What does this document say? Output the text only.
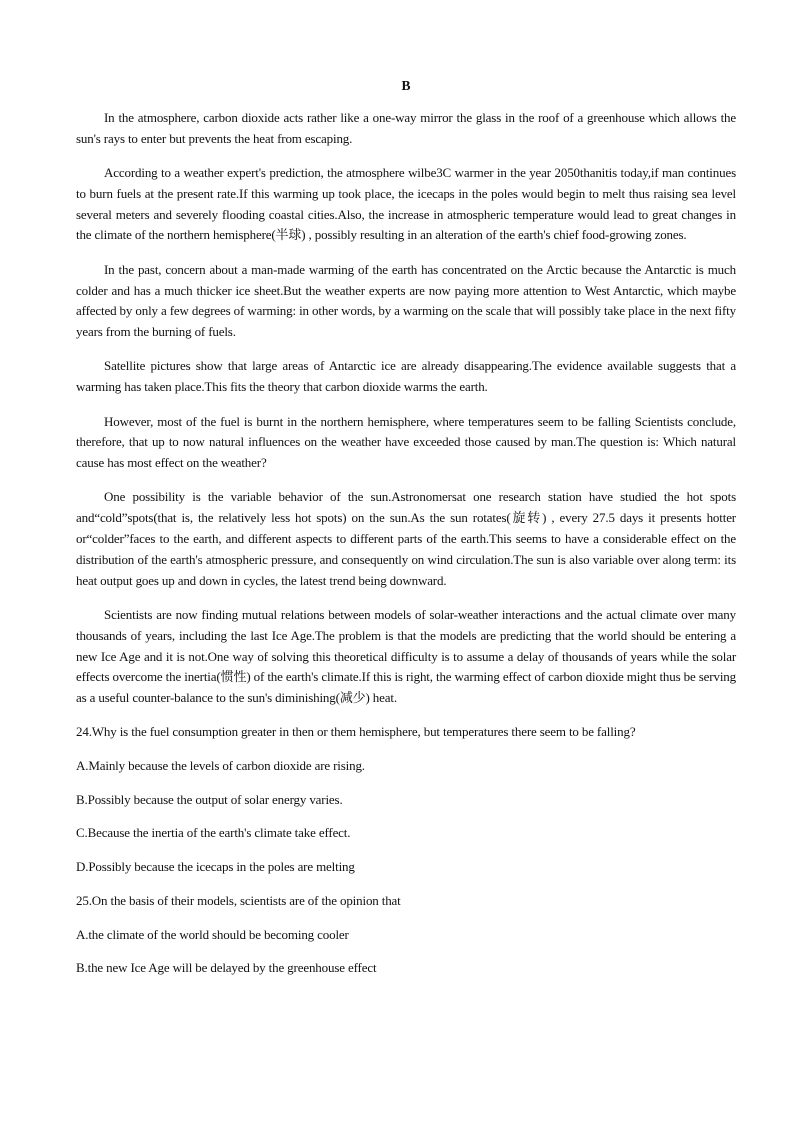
B

In the atmosphere, carbon dioxide acts rather like a one-way mirror the glass in the roof of a greenhouse which allows the sun's rays to enter but prevents the heat from escaping.

According to a weather expert's prediction, the atmosphere wilbe3C warmer in the year 2050thanitis today,if man continues to burn fuels at the present rate.If this warming up took place, the icecaps in the poles would begin to melt thus raising sea level several meters and severely flooding coastal cities.Also, the increase in atmospheric temperature would lead to great changes in the climate of the northern hemisphere(半球) , possibly resulting in an alteration of the earth's chief food-growing zones.

In the past, concern about a man-made warming of the earth has concentrated on the Arctic because the Antarctic is much colder and has a much thicker ice sheet.But the weather experts are now paying more attention to West Antarctic, which maybe affected by only a few degrees of warming: in other words, by a warming on the scale that will possibly take place in the next fifty years from the burning of fuels.

Satellite pictures show that large areas of Antarctic ice are already disappearing.The evidence available suggests that a warming has taken place.This fits the theory that carbon dioxide warms the earth.

However, most of the fuel is burnt in the northern hemisphere, where temperatures seem to be falling Scientists conclude, therefore, that up to now natural influences on the weather have exceeded those caused by man.The question is: Which natural cause has most effect on the weather?

One possibility is the variable behavior of the sun.Astronomersat one research station have studied the hot spots and“cold”spots(that is, the relatively less hot spots) on the sun.As the sun rotates(旋转) , every 27.5 days it presents hotter or“colder”faces to the earth, and different aspects to different parts of the earth.This seems to have a considerable effect on the distribution of the earth's atmospheric pressure, and consequently on wind circulation.The sun is also variable over along term: its heat output goes up and down in cycles, the latest trend being downward.

Scientists are now finding mutual relations between models of solar-weather interactions and the actual climate over many thousands of years, including the last Ice Age.The problem is that the models are predicting that the world should be entering a new Ice Age and it is not.One way of solving this theoretical difficulty is to assume a delay of thousands of years while the solar effects overcome the inertia(惯性) of the earth's climate.If this is right, the warming effect of carbon dioxide might thus be serving as a useful counter-balance to the sun's diminishing(减少) heat.

24.Why is the fuel consumption greater in then or them hemisphere, but temperatures there seem to be falling?
A.Mainly because the levels of carbon dioxide are rising.
B.Possibly because the output of solar energy varies.
C.Because the inertia of the earth's climate take effect.
D.Possibly because the icecaps in the poles are melting
25.On the basis of their models, scientists are of the opinion that
A.the climate of the world should be becoming cooler
B.the new Ice Age will be delayed by the greenhouse effect
